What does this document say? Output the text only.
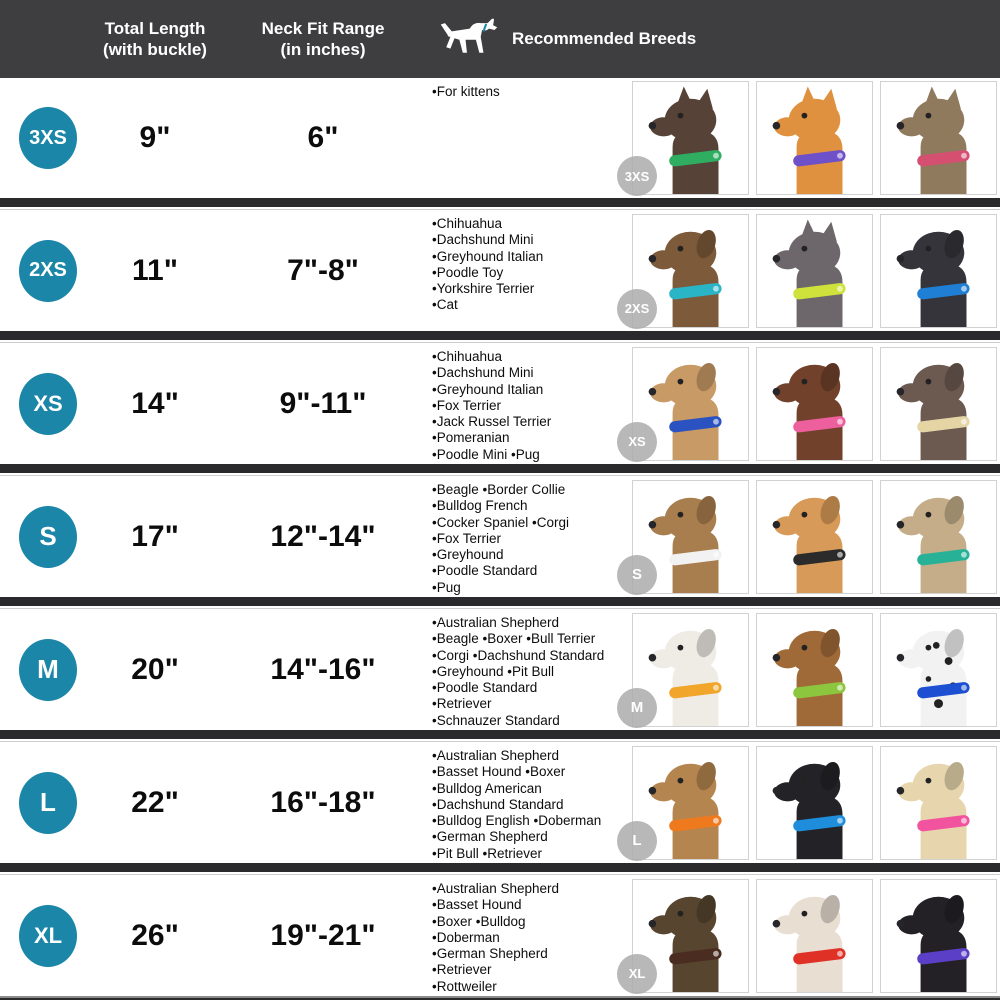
Total Length
(with buckle)
Neck Fit Range
(in inches)
Recommended Breeds
3XS	9"	6"
•For kittens
3XS
2XS	11"	7"-8"
•Chihuahua
•Dachshund Mini
•Greyhound Italian
•Poodle Toy
•Yorkshire Terrier
•Cat	2XS
XS	14"	9"-11"
•Chihuahua
•Dachshund Mini
•Greyhound Italian
•Fox Terrier
•Jack Russel Terrier
•Pomeranian
•Poodle Mini •Pug
XS
S	17"	12"-14"
•Beagle •Border Collie
•Bulldog French
•Cocker Spaniel •Corgi
•Fox Terrier
•Greyhound
•Poodle Standard
•Pug
S
M	20"	14"-16"
•Australian Shepherd
•Beagle •Boxer •Bull Terrier
•Corgi •Dachshund Standard
•Greyhound •Pit Bull
•Poodle Standard
•Retriever
•Schnauzer Standard
M
L	22"	16"-18"
•Australian Shepherd
•Basset Hound •Boxer
•Bulldog American
•Dachshund Standard
•Bulldog English •Doberman
•German Shepherd
•Pit Bull •Retriever
L
XL	26"	19"-21"
•Australian Shepherd
•Basset Hound
•Boxer •Bulldog
•Doberman
•German Shepherd
•Retriever
•Rottweiler
XL
